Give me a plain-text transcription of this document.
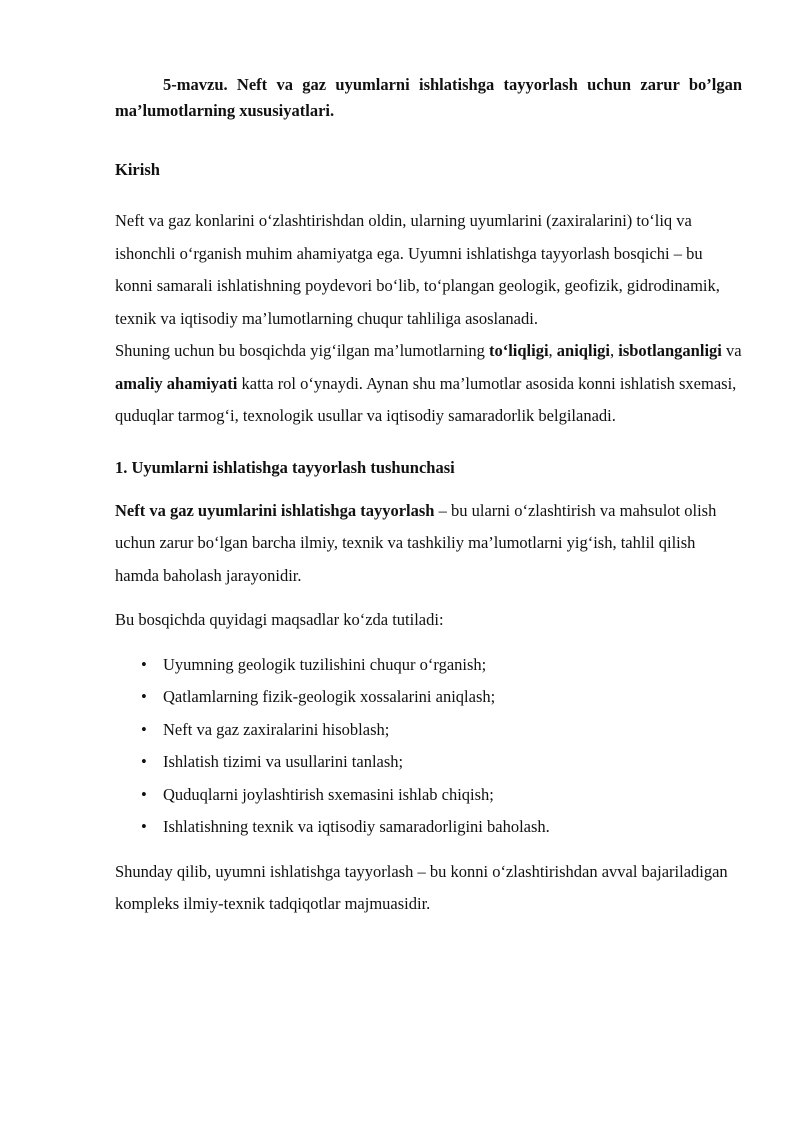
5-mavzu. Neft va gaz uyumlarni ishlatishga tayyorlash uchun zarur bo’lgan ma’lumotlarning xususiyatlari.

Kirish

Neft va gaz konlarini o‘zlashtirishdan oldin, ularning uyumlarini (zaxiralarini) to‘liq va ishonchli o‘rganish muhim ahamiyatga ega. Uyumni ishlatishga tayyorlash bosqichi – bu konni samarali ishlatishning poydevori bo‘lib, to‘plangan geologik, geofizik, gidrodinamik, texnik va iqtisodiy ma’lumotlarning chuqur tahliliga asoslanadi.

Shuning uchun bu bosqichda yig‘ilgan ma’lumotlarning to‘liqligi, aniqligi, isbotlanganligi va amaliy ahamiyati katta rol o‘ynaydi. Aynan shu ma’lumotlar asosida konni ishlatish sxemasi, quduqlar tarmog‘i, texnologik usullar va iqtisodiy samaradorlik belgilanadi.

1. Uyumlarni ishlatishga tayyorlash tushunchasi

Neft va gaz uyumlarini ishlatishga tayyorlash – bu ularni o‘zlashtirish va mahsulot olish uchun zarur bo‘lgan barcha ilmiy, texnik va tashkiliy ma’lumotlarni yig‘ish, tahlil qilish hamda baholash jarayonidir.

Bu bosqichda quyidagi maqsadlar ko‘zda tutiladi:

• Uyumning geologik tuzilishini chuqur o‘rganish;
• Qatlamlarning fizik-geologik xossalarini aniqlash;
• Neft va gaz zaxiralarini hisoblash;
• Ishlatish tizimi va usullarini tanlash;
• Quduqlarni joylashtirish sxemasini ishlab chiqish;
• Ishlatishning texnik va iqtisodiy samaradorligini baholash.

Shunday qilib, uyumni ishlatishga tayyorlash – bu konni o‘zlashtirishdan avval bajariladigan kompleks ilmiy-texnik tadqiqotlar majmuasidir.
